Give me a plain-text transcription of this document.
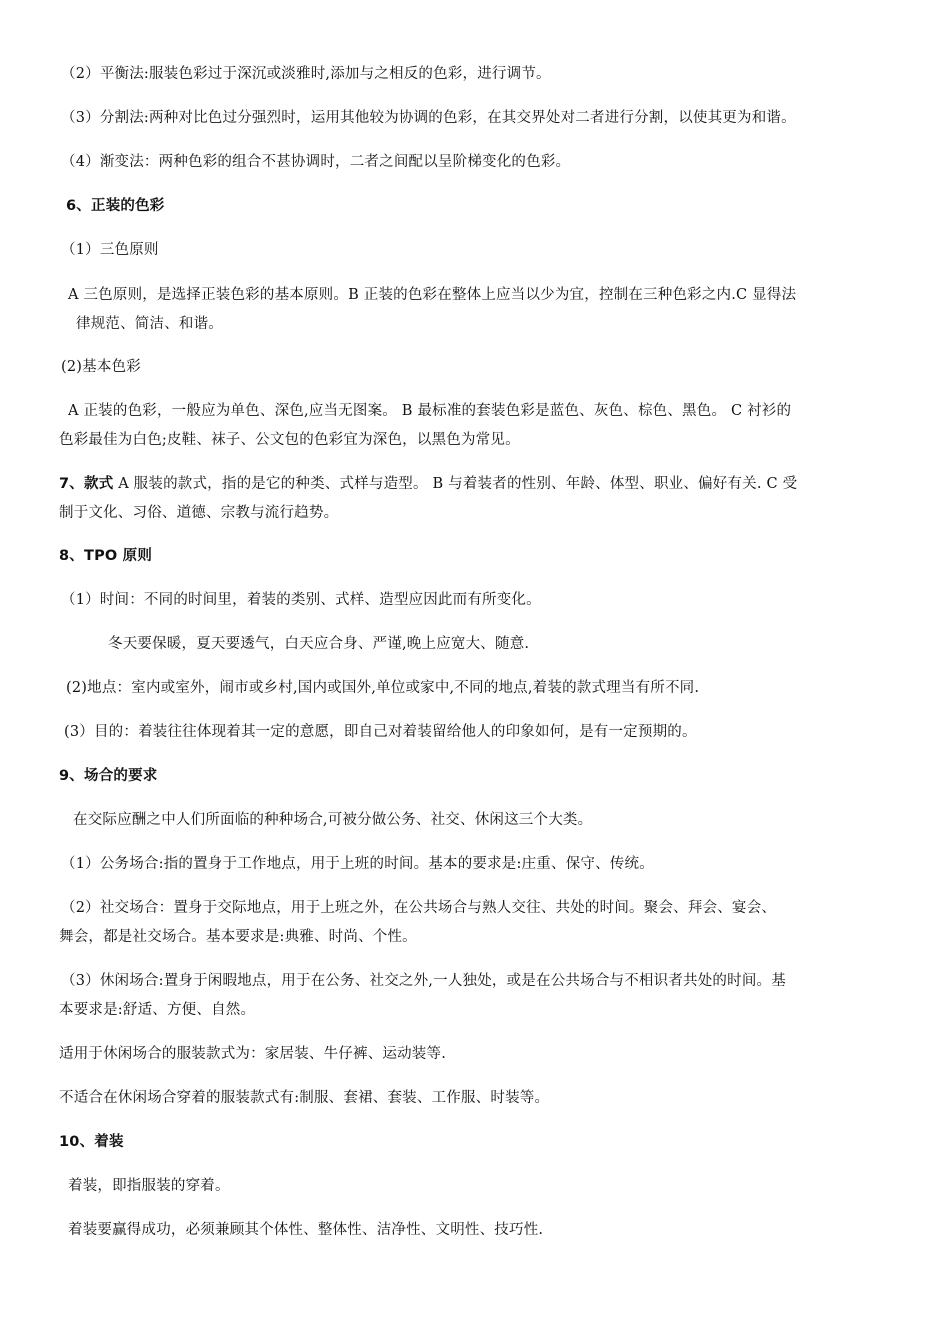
（2）平衡法:服装色彩过于深沉或淡雅时,添加与之相反的色彩，进行调节。

（3）分割法:两种对比色过分强烈时，运用其他较为协调的色彩，在其交界处对二者进行分割，以使其更为和谐。

（4）渐变法：两种色彩的组合不甚协调时，二者之间配以呈阶梯变化的色彩。

6、正装的色彩

（1）三色原则

A 三色原则，是选择正装色彩的基本原则。B 正装的色彩在整体上应当以少为宜，控制在三种色彩之内.C 显得法

律规范、简洁、和谐。

(2)基本色彩

A 正装的色彩，一般应为单色、深色,应当无图案。 B 最标准的套装色彩是蓝色、灰色、棕色、黑色。 C 衬衫的

色彩最佳为白色;皮鞋、袜子、公文包的色彩宜为深色，以黑色为常见。

7、款式 A 服装的款式，指的是它的种类、式样与造型。 B 与着装者的性别、年龄、体型、职业、偏好有关. C 受

制于文化、习俗、道德、宗教与流行趋势。

8、TPO 原则

（1）时间：不同的时间里，着装的类别、式样、造型应因此而有所变化。

冬天要保暖，夏天要透气，白天应合身、严谨,晚上应宽大、随意.

(2)地点：室内或室外，闹市或乡村,国内或国外,单位或家中,不同的地点,着装的款式理当有所不同.

(3）目的：着装往往体现着其一定的意愿，即自己对着装留给他人的印象如何，是有一定预期的。

9、场合的要求

在交际应酬之中人们所面临的种种场合,可被分做公务、社交、休闲这三个大类。

（1）公务场合:指的置身于工作地点，用于上班的时间。基本的要求是:庄重、保守、传统。

（2）社交场合：置身于交际地点，用于上班之外，在公共场合与熟人交往、共处的时间。聚会、拜会、宴会、

舞会，都是社交场合。基本要求是:典雅、时尚、个性。

（3）休闲场合:置身于闲暇地点，用于在公务、社交之外,一人独处，或是在公共场合与不相识者共处的时间。基

本要求是:舒适、方便、自然。

适用于休闲场合的服装款式为：家居装、牛仔裤、运动装等.

不适合在休闲场合穿着的服装款式有:制服、套裙、套装、工作服、时装等。

10、着装

着装，即指服装的穿着。

着装要赢得成功，必须兼顾其个体性、整体性、洁净性、文明性、技巧性.
